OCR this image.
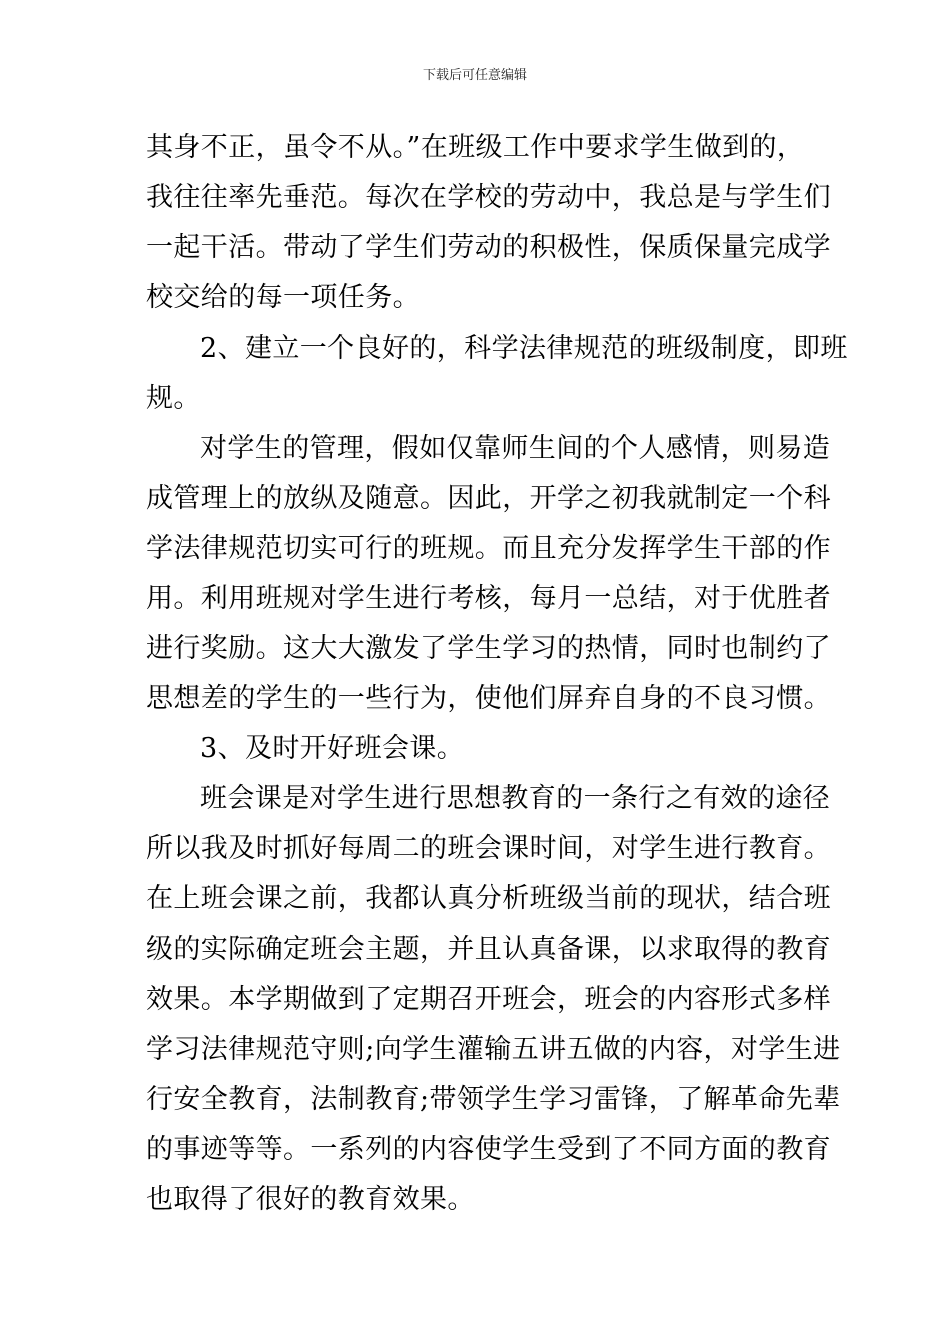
下载后可任意编辑
其身不正，虽令不从。”在班级工作中要求学生做到的，
我往往率先垂范。每次在学校的劳动中，我总是与学生们
一起干活。带动了学生们劳动的积极性，保质保量完成学
校交给的每一项任务。
2、建立一个良好的，科学法律规范的班级制度，即班
规。
对学生的管理，假如仅靠师生间的个人感情，则易造
成管理上的放纵及随意。因此，开学之初我就制定一个科
学法律规范切实可行的班规。而且充分发挥学生干部的作
用。利用班规对学生进行考核，每月一总结，对于优胜者
进行奖励。这大大激发了学生学习的热情，同时也制约了
思想差的学生的一些行为，使他们屏弃自身的不良习惯。
3、及时开好班会课。
班会课是对学生进行思想教育的一条行之有效的途径
所以我及时抓好每周二的班会课时间，对学生进行教育。
在上班会课之前，我都认真分析班级当前的现状，结合班
级的实际确定班会主题，并且认真备课，以求取得的教育
效果。本学期做到了定期召开班会，班会的内容形式多样
学习法律规范守则;向学生灌输五讲五做的内容，对学生进
行安全教育，法制教育;带领学生学习雷锋，了解革命先辈
的事迹等等。一系列的内容使学生受到了不同方面的教育
也取得了很好的教育效果。
